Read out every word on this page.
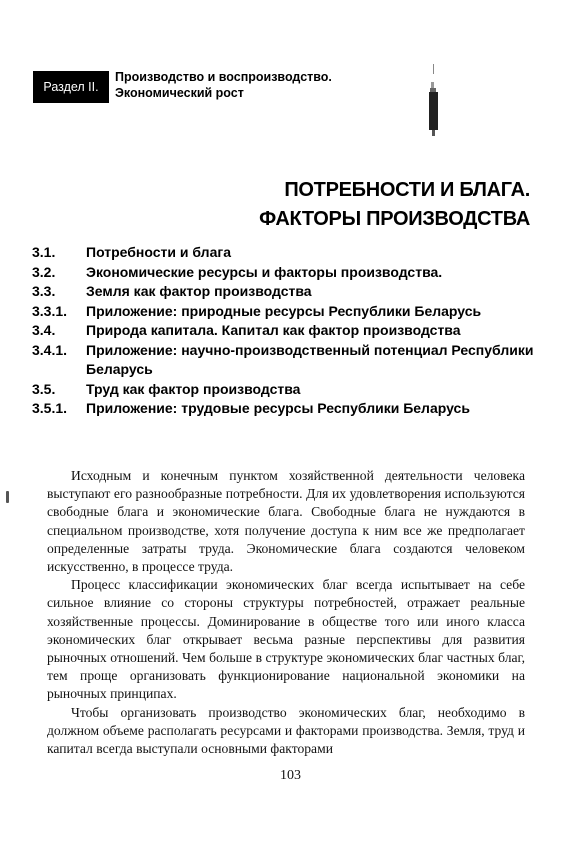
Раздел II.
Производство и воспроизводство.
Экономический рост
ПОТРЕБНОСТИ И БЛАГА.
ФАКТОРЫ ПРОИЗВОДСТВА
3.1.	Потребности и блага
3.2.	Экономические ресурсы и факторы производства.
3.3.	Земля как фактор производства
3.3.1.	Приложение: природные ресурсы Республики Беларусь
3.4.	Природа капитала. Капитал как фактор производства
3.4.1.	Приложение: научно-производственный потенциал Республики Беларусь
3.5.	Труд как фактор производства
3.5.1.	Приложение: трудовые ресурсы Республики Беларусь

Исходным и конечным пунктом хозяйственной деятельности человека выступают его разнообразные потребности. Для их удовлетворения используются свободные блага и экономические блага. Свободные блага не нуждаются в специальном производстве, хотя получение доступа к ним все же предполагает определенные затраты труда. Экономические блага создаются человеком искусственно, в процессе труда.

Процесс классификации экономических благ всегда испытывает на себе сильное влияние со стороны структуры потребностей, отражает реальные хозяйственные процессы. Доминирование в обществе того или иного класса экономических благ открывает весьма разные перспективы для развития рыночных отношений. Чем больше в структуре экономических благ частных благ, тем проще организовать функционирование национальной экономики на рыночных принципах.

Чтобы организовать производство экономических благ, необходимо в должном объеме располагать ресурсами и факторами производства. Земля, труд и капитал всегда выступали основными факторами

103
